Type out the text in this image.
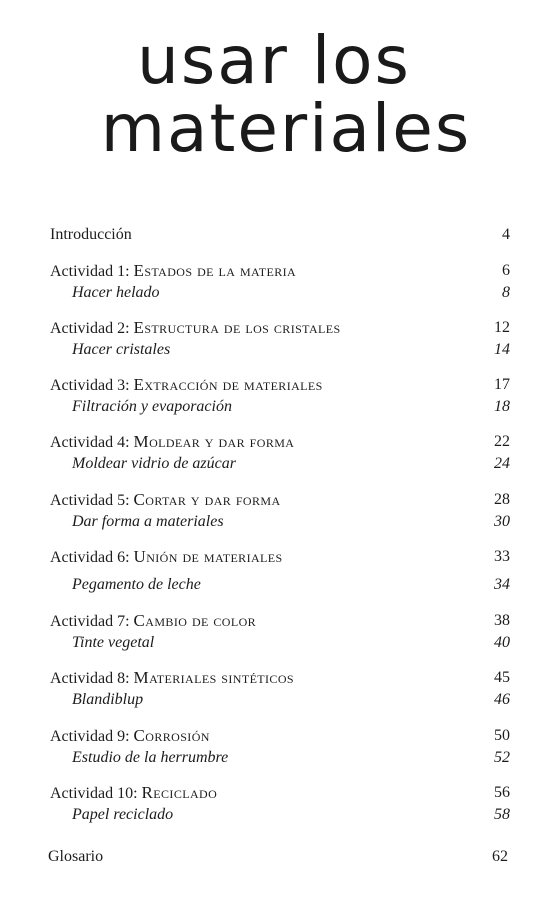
usar los
materiales
Introducción	4
Actividad 1: Estados de la materia	6
Hacer helado	8
Actividad 2: Estructura de los cristales	12
Hacer cristales	14
Actividad 3: Extracción de materiales	17
Filtración y evaporación	18
Actividad 4: Moldear y dar forma	22
Moldear vidrio de azúcar	24
Actividad 5: Cortar y dar forma	28
Dar forma a materiales	30
Actividad 6: Unión de materiales	33
Pegamento de leche	34
Actividad 7: Cambio de color	38
Tinte vegetal	40
Actividad 8: Materiales sintéticos	45
Blandiblup	46
Actividad 9: Corrosión	50
Estudio de la herrumbre	52
Actividad 10: Reciclado	56
Papel reciclado	58
Glosario	62
